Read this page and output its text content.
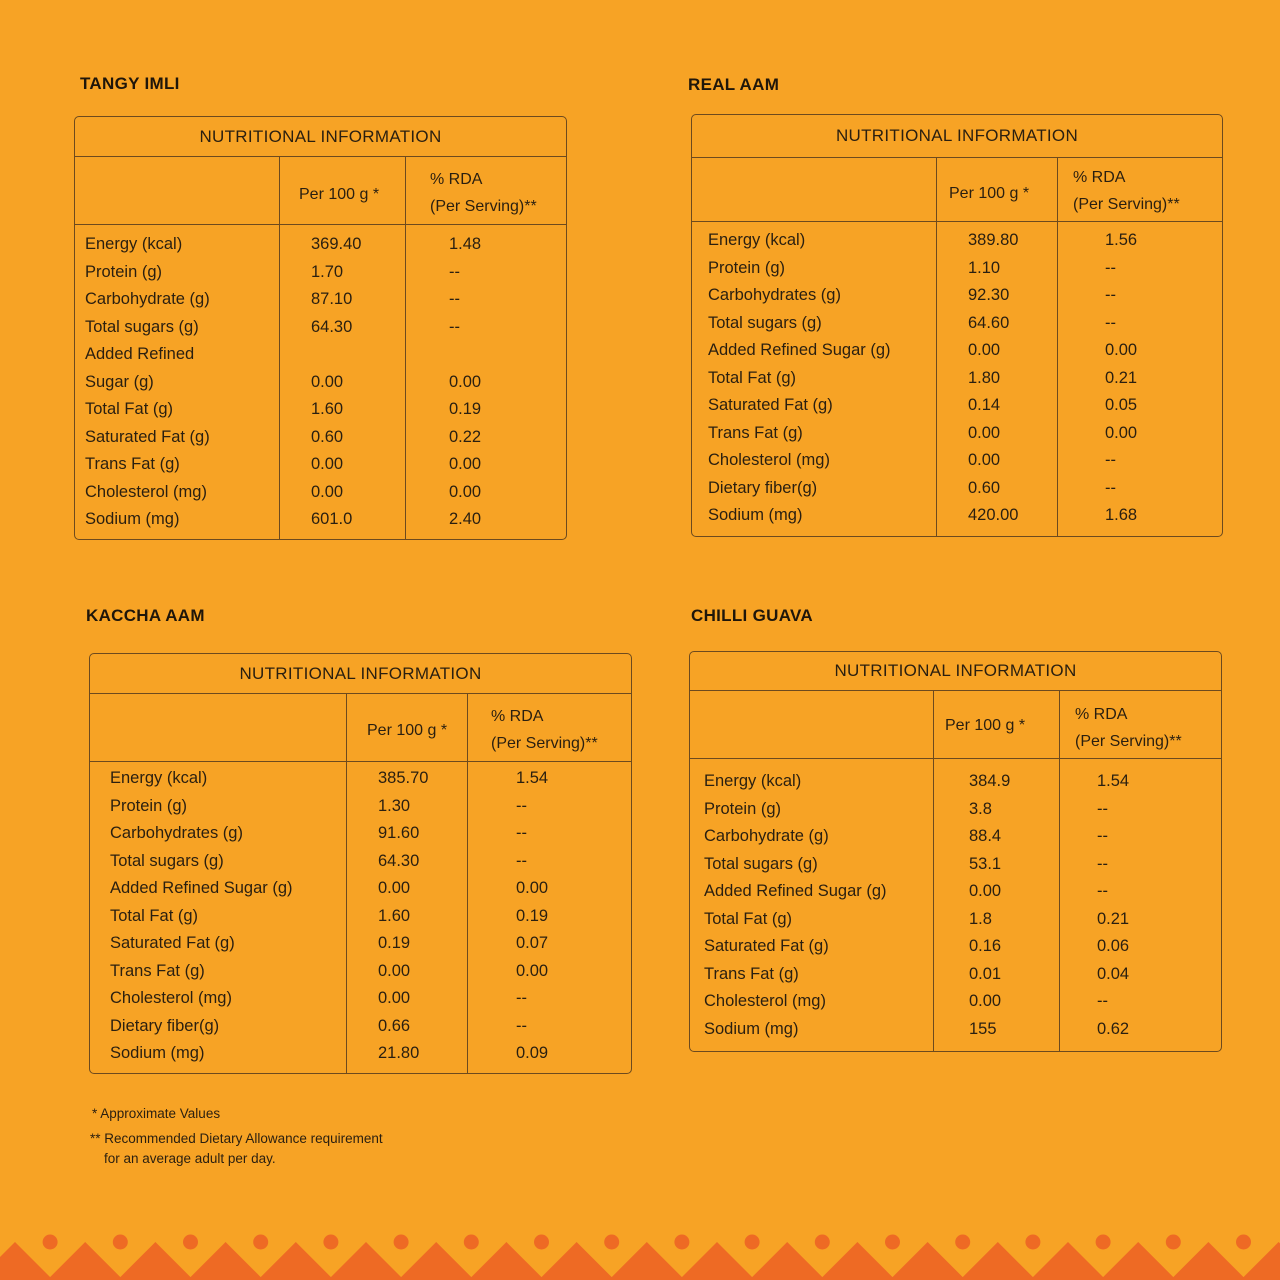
TANGY IMLI
NUTRITIONAL INFORMATION
Per 100 g *
% RDA
(Per Serving)**
Energy (kcal)	369.40	1.48
Protein (g)	1.70	--
Carbohydrate (g)	87.10	--
Total sugars (g)	64.30	--
Added Refined
Sugar (g)	0.00	0.00
Total Fat (g)	1.60	0.19
Saturated Fat (g)	0.60	0.22
Trans Fat (g)	0.00	0.00
Cholesterol (mg)	0.00	0.00
Sodium (mg)	601.0	2.40
REAL AAM
NUTRITIONAL INFORMATION
Per 100 g *
% RDA
(Per Serving)**
Energy (kcal)	389.80	1.56
Protein (g)	1.10	--
Carbohydrates (g)	92.30	--
Total sugars (g)	64.60	--
Added Refined Sugar (g)	0.00	0.00
Total Fat (g)	1.80	0.21
Saturated Fat (g)	0.14	0.05
Trans Fat (g)	0.00	0.00
Cholesterol (mg)	0.00	--
Dietary fiber(g)	0.60	--
Sodium (mg)	420.00	1.68
KACCHA AAM
NUTRITIONAL INFORMATION
Per 100 g *
% RDA
(Per Serving)**
Energy (kcal)	385.70	1.54
Protein (g)	1.30	--
Carbohydrates (g)	91.60	--
Total sugars (g)	64.30	--
Added Refined Sugar (g)	0.00	0.00
Total Fat (g)	1.60	0.19
Saturated Fat (g)	0.19	0.07
Trans Fat (g)	0.00	0.00
Cholesterol (mg)	0.00	--
Dietary fiber(g)	0.66	--
Sodium (mg)	21.80	0.09
CHILLI GUAVA
NUTRITIONAL INFORMATION
Per 100 g *
% RDA
(Per Serving)**
Energy (kcal)	384.9	1.54
Protein (g)	3.8	--
Carbohydrate (g)	88.4	--
Total sugars (g)	53.1	--
Added Refined Sugar (g)	0.00	--
Total Fat (g)	1.8	0.21
Saturated Fat (g)	0.16	0.06
Trans Fat (g)	0.01	0.04
Cholesterol (mg)	0.00	--
Sodium (mg)	155	0.62
* Approximate Values
** Recommended Dietary Allowance requirement
for an average adult per day.
